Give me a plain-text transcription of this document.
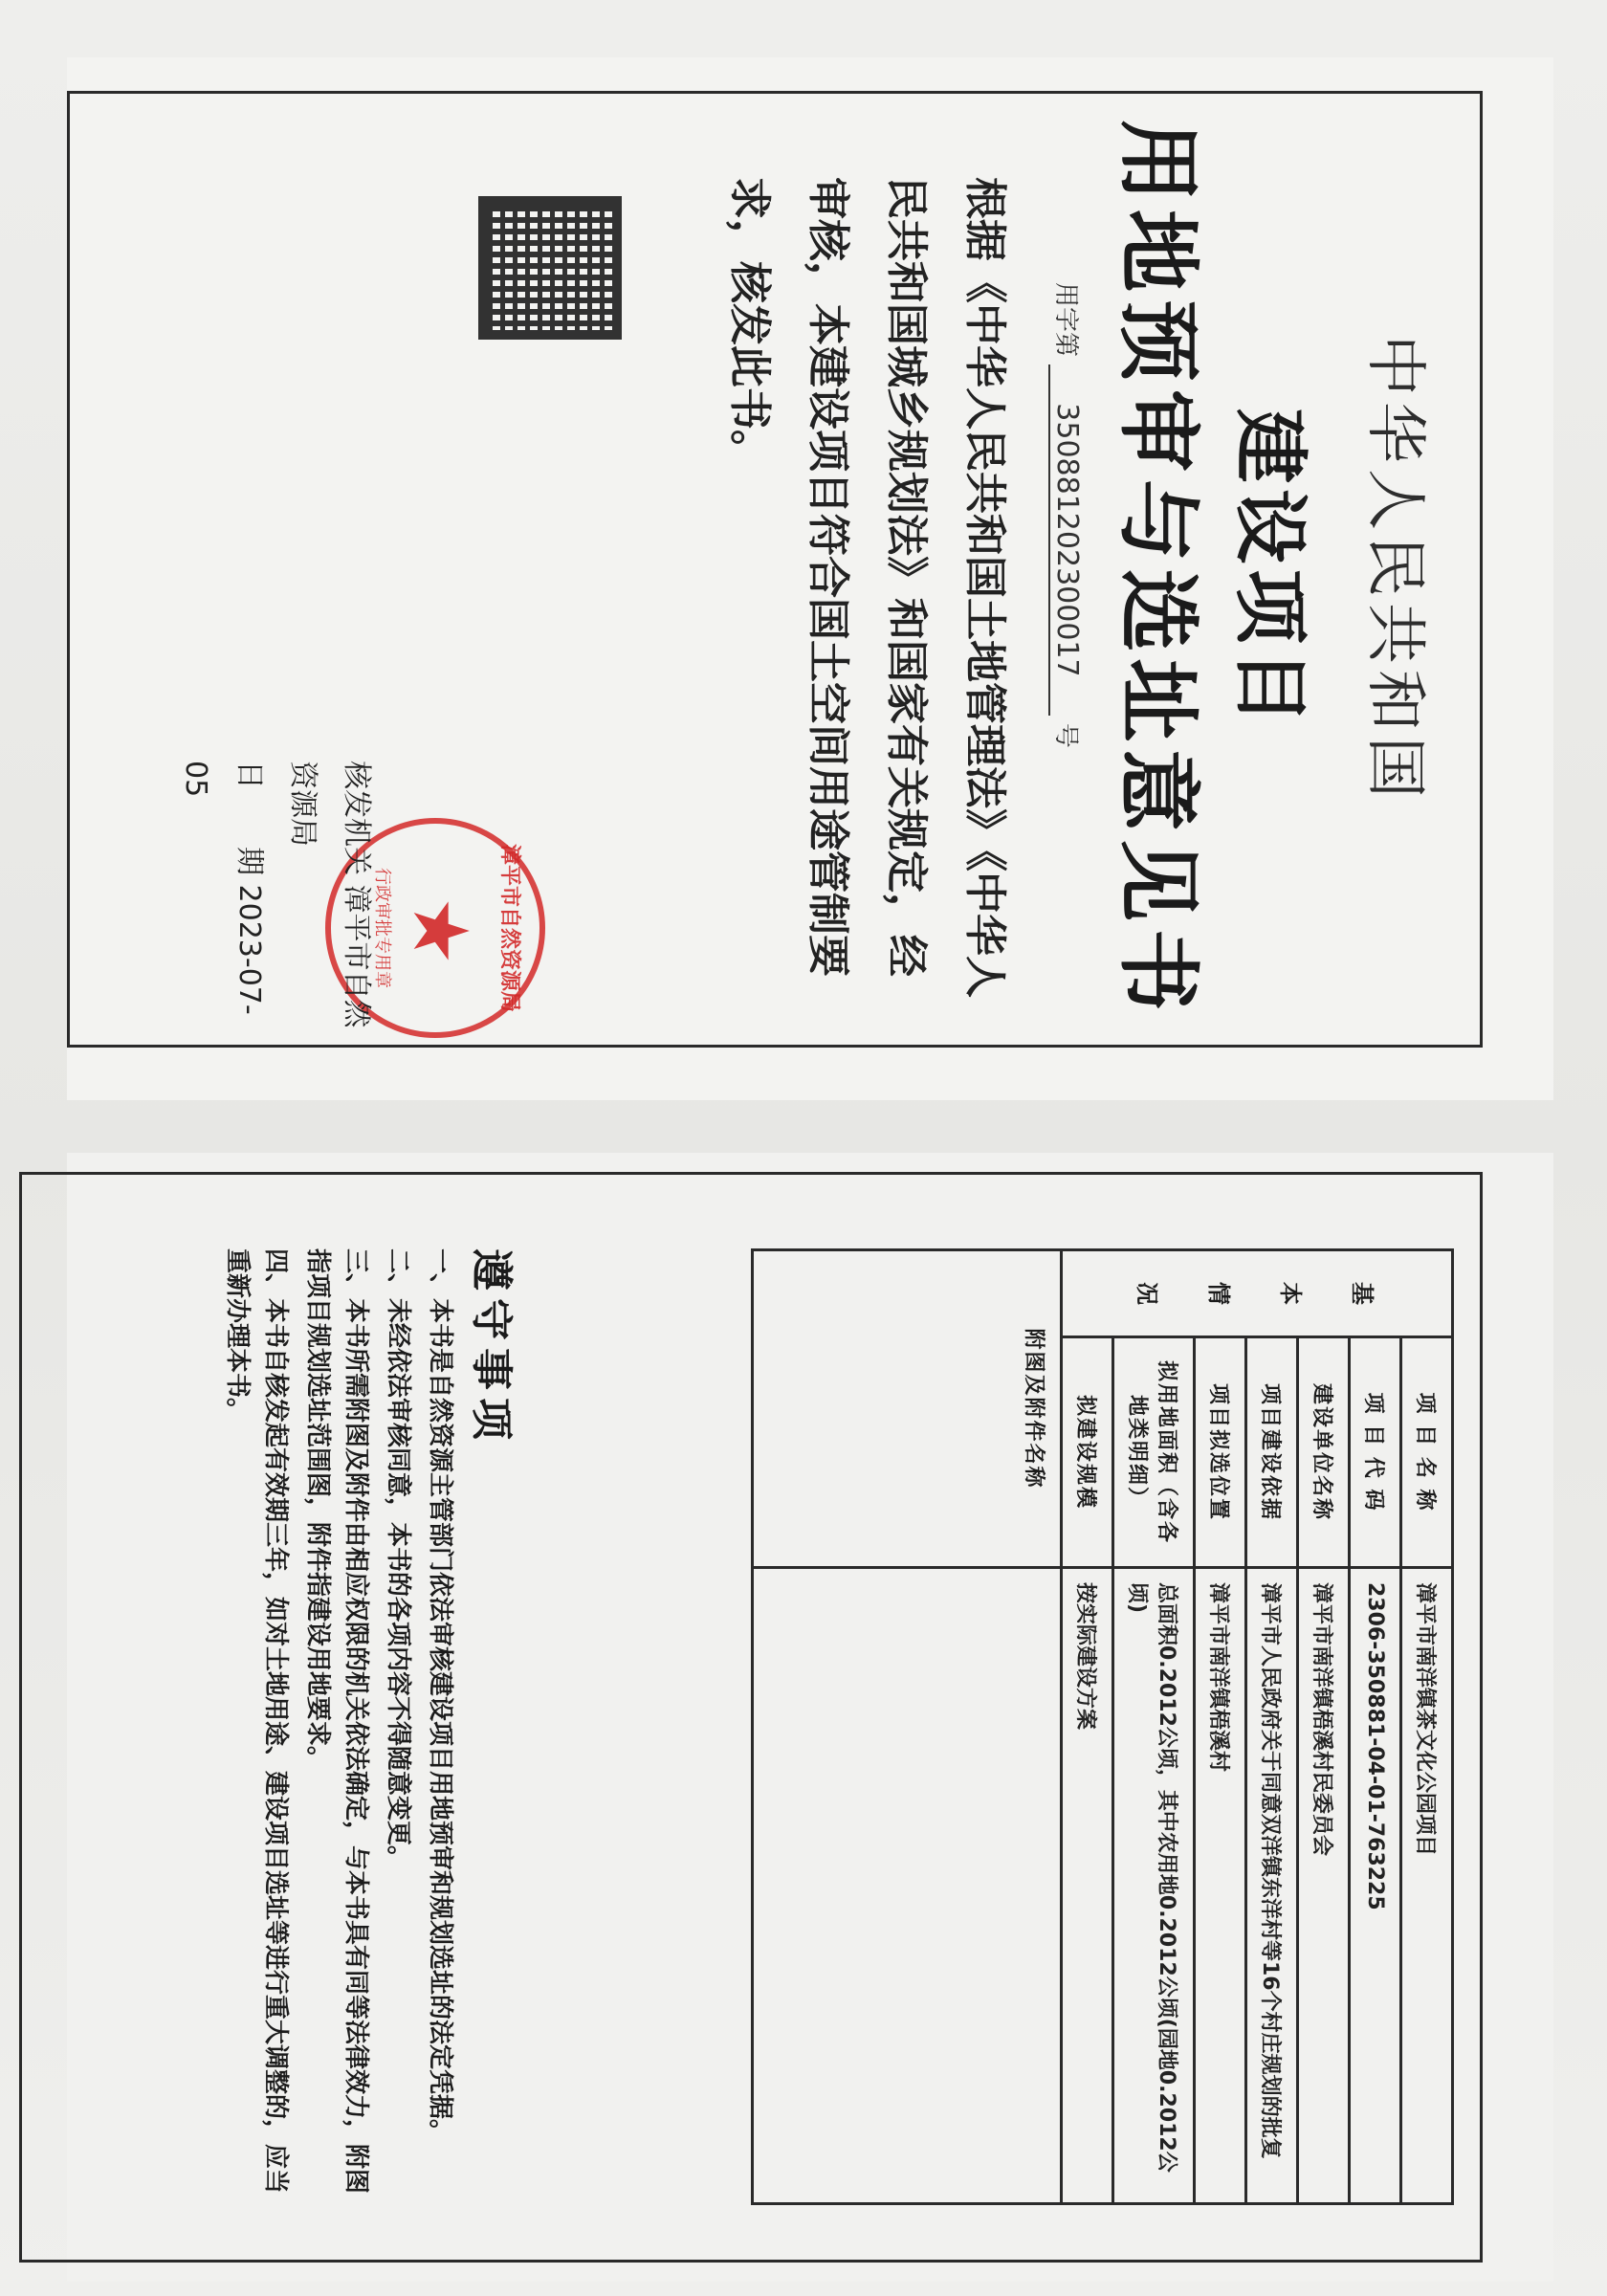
中华人民共和国
建设项目
用地预审与选址意见书
用字第 350881202300017 号
根据《中华人民共和国土地管理法》《中华人民共和国城乡规划法》和国家有关规定，经审核，本建设项目符合国土空间用途管制要求，核发此书。
漳平市自然资源局
★
行政审批专用章
核发机关 漳平市自然资源局
日　　期 2023-07-05
基
本
情
况	项 目 名 称	漳平市南洋镇茶文化公园项目
	项 目 代 码	2306-350881-04-01-763225
	建设单位名称	漳平市南洋镇梧溪村民委员会
	项目建设依据	漳平市人民政府关于同意双洋镇东洋村等16个村庄规划的批复
	项目拟选位置	漳平市南洋镇梧溪村
	拟用地面积（含各地类明细）	总面积0.2012公顷，其中农用地0.2012公顷(园地0.2012公顷)
	拟建设规模	按实际建设方案
附图及附件名称		
遵守事项
一、本书是自然资源主管部门依法审核建设项目用地预审和规划选址的法定凭据。
二、未经依法审核同意，本书的各项内容不得随意变更。
三、本书所需附图及附件由相应权限的机关依法确定，与本书具有同等法律效力，附图指项目规划选址范围图，附件指建设用地要求。
四、本书自核发起有效期三年，如对土地用途、建设项目选址等进行重大调整的，应当重新办理本书。
